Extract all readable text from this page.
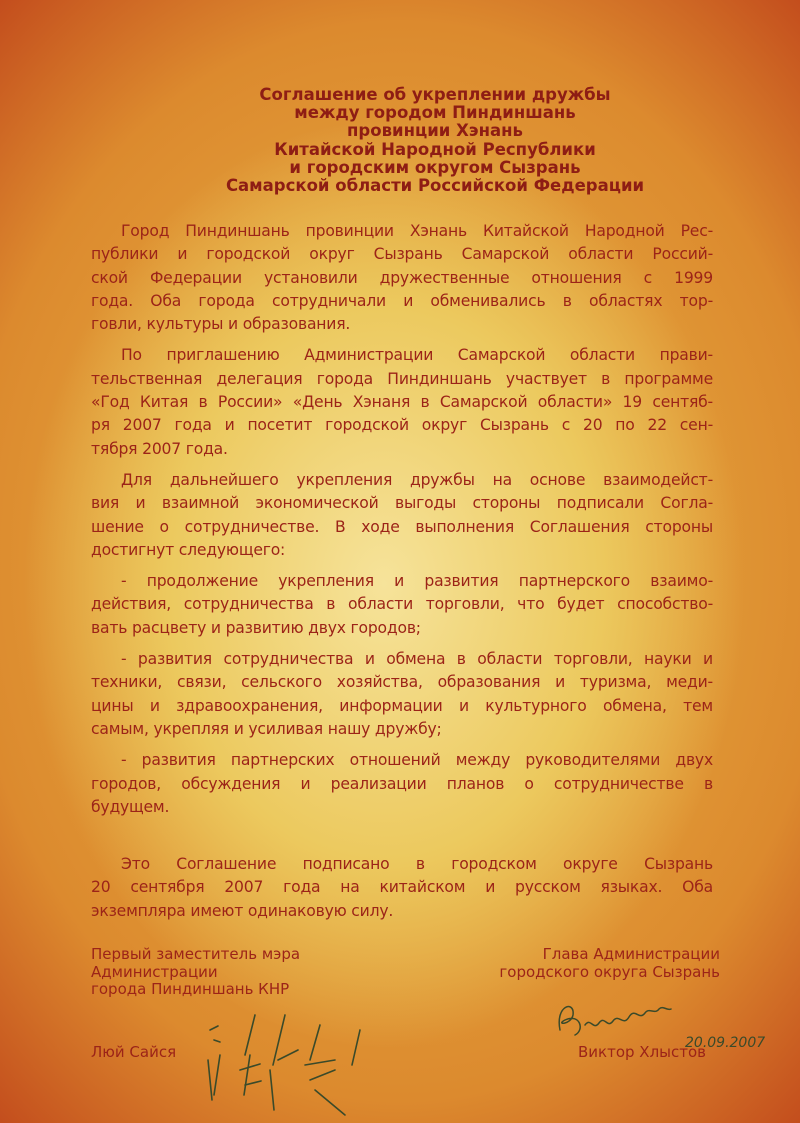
Соглашение об укреплении дружбы
между городом Пиндиншань
провинции Хэнань
Китайской Народной Республики
и городским округом Сызрань
Самарской области Российской Федерации
Город Пиндиншань провинции Хэнань Китайской Народной Рес-
публики и городской округ Сызрань Самарской области Россий-
ской Федерации установили дружественные отношения с 1999
года. Оба города сотрудничали и обменивались в областях тор-
говли, культуры и образования.
По приглашению Администрации Самарской области прави-
тельственная делегация города Пиндиншань участвует в программе
«Год Китая в России» «День Хэнаня в Самарской области» 19 сентяб-
ря 2007 года и посетит городской округ Сызрань с 20 по 22 сен-
тября 2007 года.
Для дальнейшего укрепления дружбы на основе взаимодейст-
вия и взаимной экономической выгоды стороны подписали Согла-
шение о сотрудничестве. В ходе выполнения Соглашения стороны
достигнут следующего:
- продолжение укрепления и развития партнерского взаимо-
действия, сотрудничества в области торговли, что будет способство-
вать расцвету и развитию двух городов;
- развития сотрудничества и обмена в области торговли, науки и
техники, связи, сельского хозяйства, образования и туризма, меди-
цины и здравоохранения, информации и культурного обмена, тем
самым, укрепляя и усиливая нашу дружбу;
- развития партнерских отношений между руководителями двух
городов, обсуждения и реализации планов о сотрудничестве в
будущем.
Это Соглашение подписано в городском округе Сызрань
20 сентября 2007 года на китайском и русском языках. Оба
экземпляра имеют одинаковую силу.
Первый заместитель мэра
Администрации
города Пиндиншань КНР
Люй Сайся
Глава Администрации
городского округа Сызрань
Виктор Хлыстов
20.09.2007
